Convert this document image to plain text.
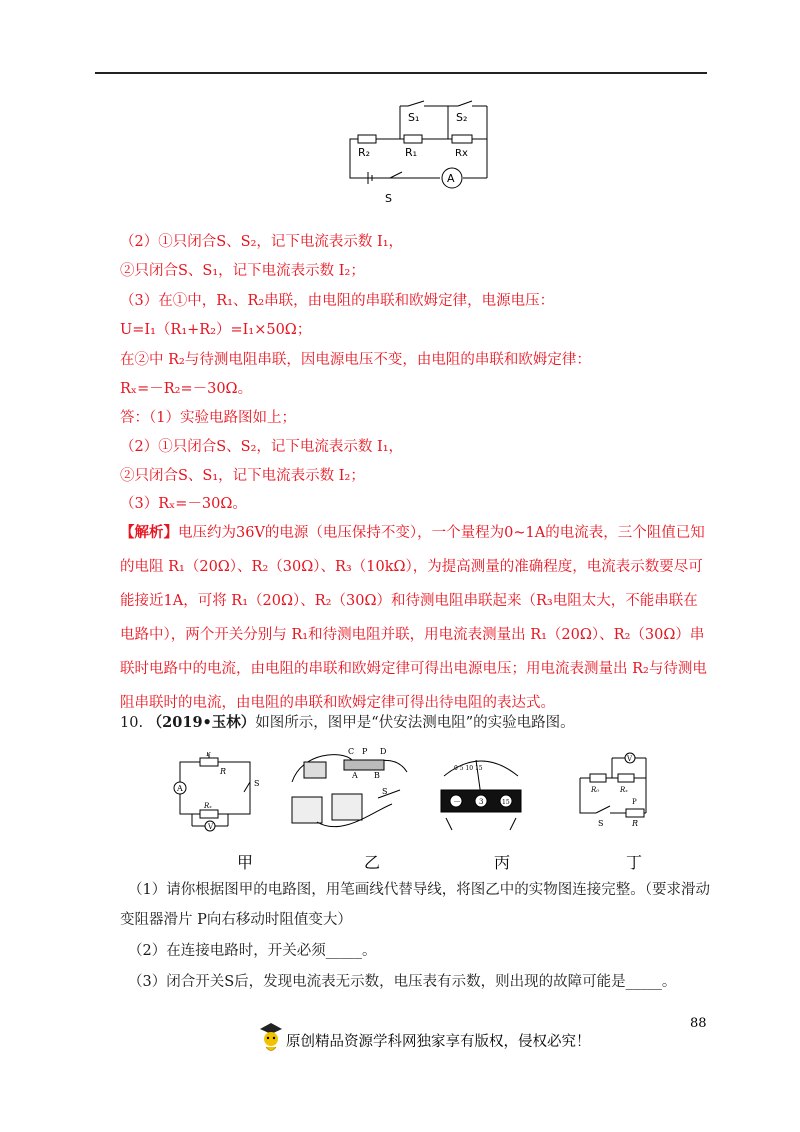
S₁	S₂
R₂	R₁	Rx
A
S
（2）①只闭合S、S₂，记下电流表示数 I₁，
②只闭合S、S₁，记下电流表示数 I₂；
（3）在①中，R₁、R₂串联，由电阻的串联和欧姆定律，电源电压：
U=I₁（R₁+R₂）=I₁×50Ω；
在②中 R₂与待测电阻串联，因电源电压不变，由电阻的串联和欧姆定律：
Rₓ=－R₂=－30Ω。
答：（1）实验电路图如上；
（2）①只闭合S、S₂，记下电流表示数 I₁，
②只闭合S、S₁，记下电流表示数 I₂；
（3）Rₓ=－30Ω。
【解析】电压约为36V的电源（电压保持不变），一个量程为0~1A的电流表，三个阻值已知的电阻 R₁（20Ω）、R₂（30Ω）、R₃（10kΩ），为提高测量的准确程度，电流表示数要尽可能接近1A，可将 R₁（20Ω）、R₂（30Ω）和待测电阻串联起来（R₃电阻太大，不能串联在电路中），两个开关分别与 R₁和待测电阻并联，用电流表测量出 R₁（20Ω）、R₂（30Ω）串联时电路中的电流，由电阻的串联和欧姆定律可得出电源电压；用电流表测量出 R₂与待测电阻串联时的电流，由电阻的串联和欧姆定律可得出待电阻的表达式。
10. （2019•玉林）如图所示，图甲是“伏安法测电阻”的实验电路图。
A
P
R
S
Rₓ
V
C P D
A B
S
0 5 10 15
－	3	15
V
R₀	Rₓ
S	R
P
甲	乙	丙	丁
（1）请你根据图甲的电路图，用笔画线代替导线，将图乙中的实物图连接完整。（要求滑动
变阻器滑片 P向右移动时阻值变大）
（2）在连接电路时，开关必须_____。
（3）闭合开关S后，发现电流表无示数，电压表有示数，则出现的故障可能是_____。
88
原创精品资源学科网独家享有版权，侵权必究！
